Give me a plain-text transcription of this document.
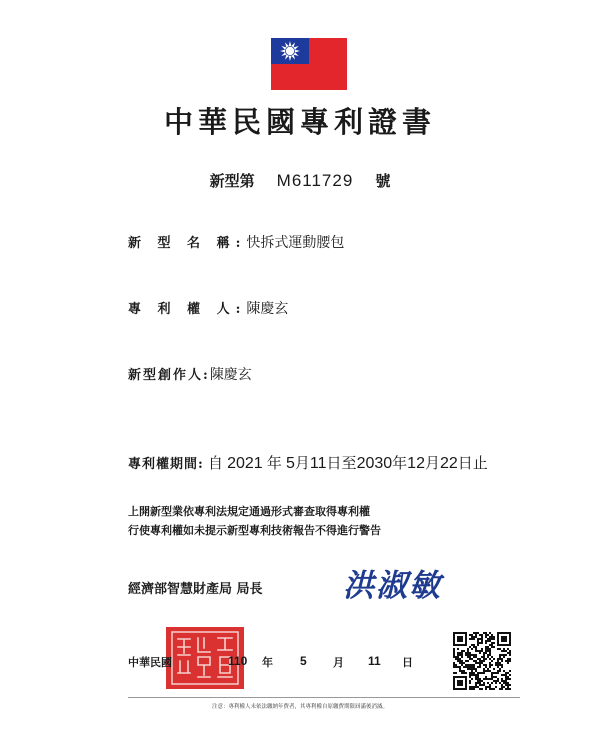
中華民國專利證書
新型第 M611729 號
新 型 名 稱:快拆式運動腰包
專 利 權 人:陳慶玄
新型創作人:陳慶玄
專利權期間: 自 2021 年 5月11日至2030年12月22日止
上開新型業依專利法規定通過形式審查取得專利權
行使專利權如未提示新型專利技術報告不得進行警告
經濟部智慧財產局 局長	洪淑敏
中華民國	110 年 5 月 11 日
注意：專利權人未依法繳納年費者，其專利權自原繳費期限屆滿後消滅。
